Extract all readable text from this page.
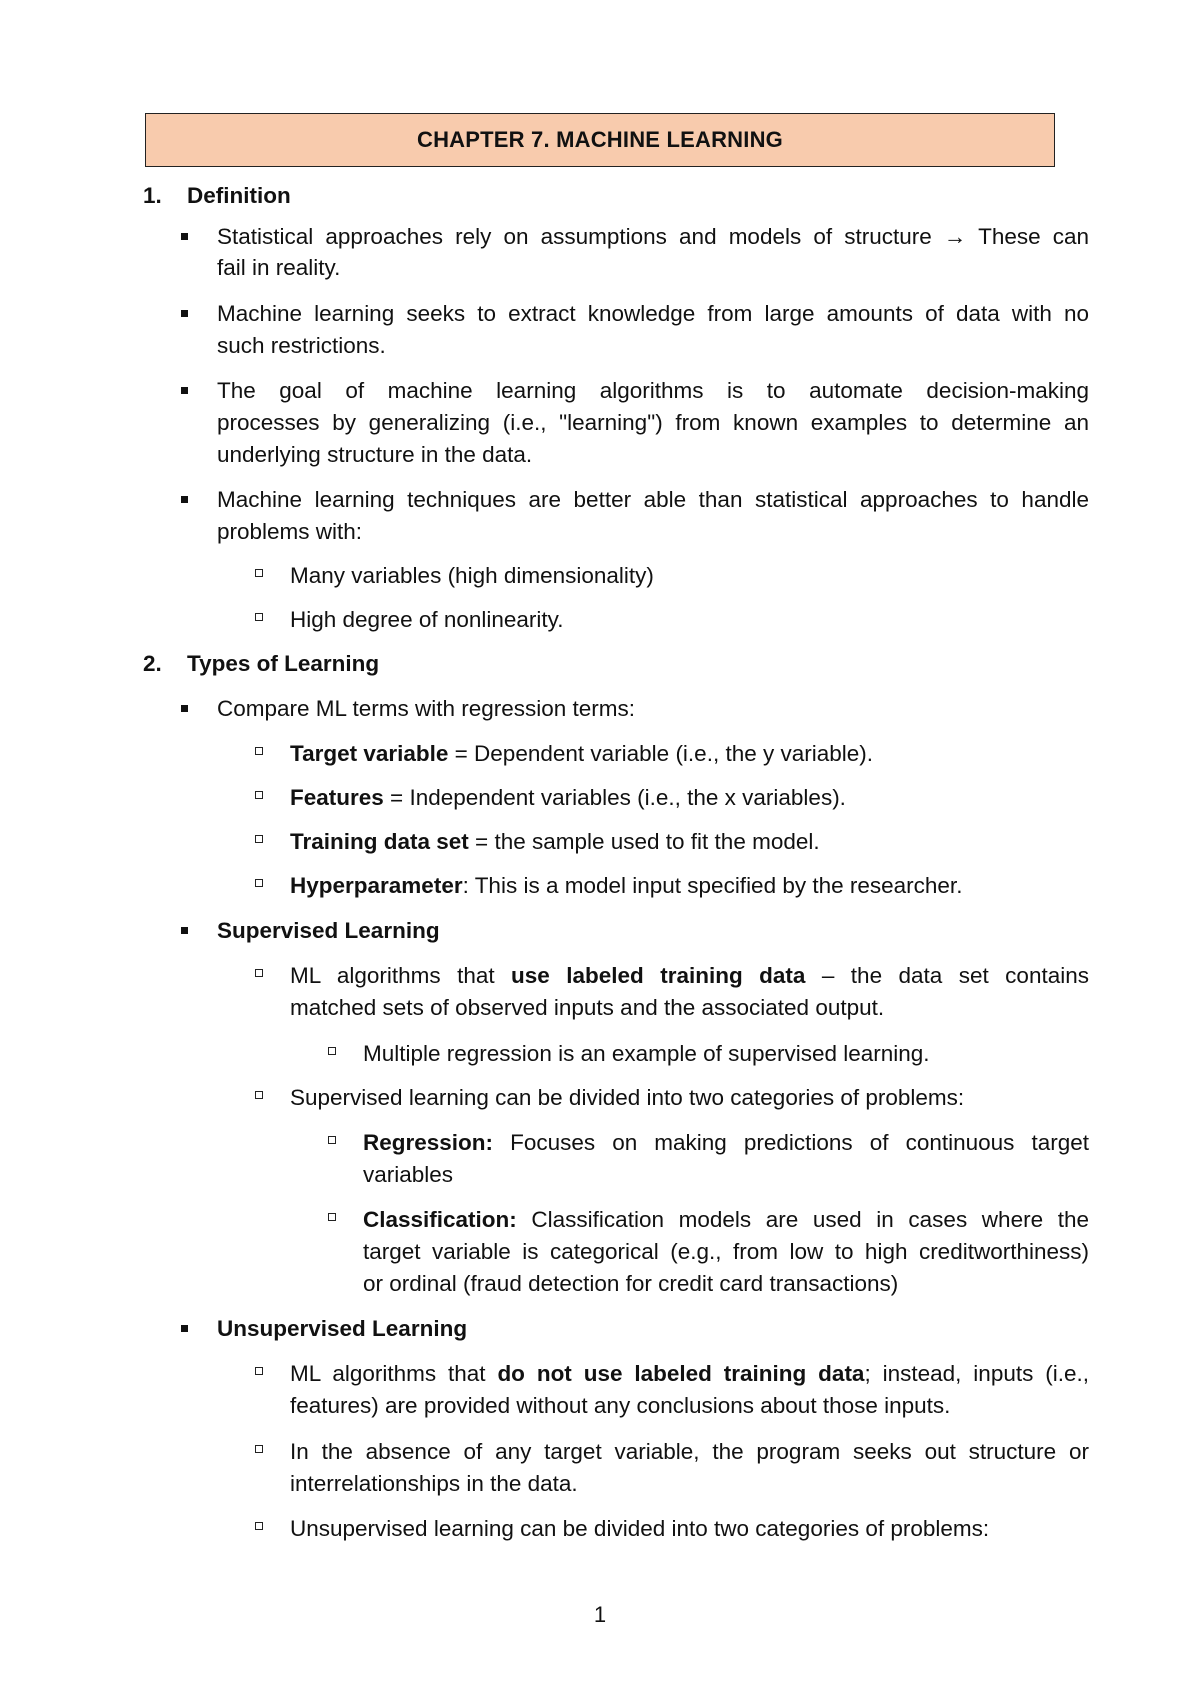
CHAPTER 7. MACHINE LEARNING
1. Definition
Statistical approaches rely on assumptions and models of structure → These can
fail in reality.
Machine learning seeks to extract knowledge from large amounts of data with no
such restrictions.
The goal of machine learning algorithms is to automate decision-making
processes by generalizing (i.e., "learning") from known examples to determine an
underlying structure in the data.
Machine learning techniques are better able than statistical approaches to handle
problems with:
Many variables (high dimensionality)
High degree of nonlinearity.
2. Types of Learning
Compare ML terms with regression terms:
Target variable = Dependent variable (i.e., the y variable).
Features = Independent variables (i.e., the x variables).
Training data set = the sample used to fit the model.
Hyperparameter: This is a model input specified by the researcher.
Supervised Learning
ML algorithms that use labeled training data – the data set contains
matched sets of observed inputs and the associated output.
Multiple regression is an example of supervised learning.
Supervised learning can be divided into two categories of problems:
Regression: Focuses on making predictions of continuous target
variables
Classification: Classification models are used in cases where the
target variable is categorical (e.g., from low to high creditworthiness)
or ordinal (fraud detection for credit card transactions)
Unsupervised Learning
ML algorithms that do not use labeled training data; instead, inputs (i.e.,
features) are provided without any conclusions about those inputs.
In the absence of any target variable, the program seeks out structure or
interrelationships in the data.
Unsupervised learning can be divided into two categories of problems:
1
